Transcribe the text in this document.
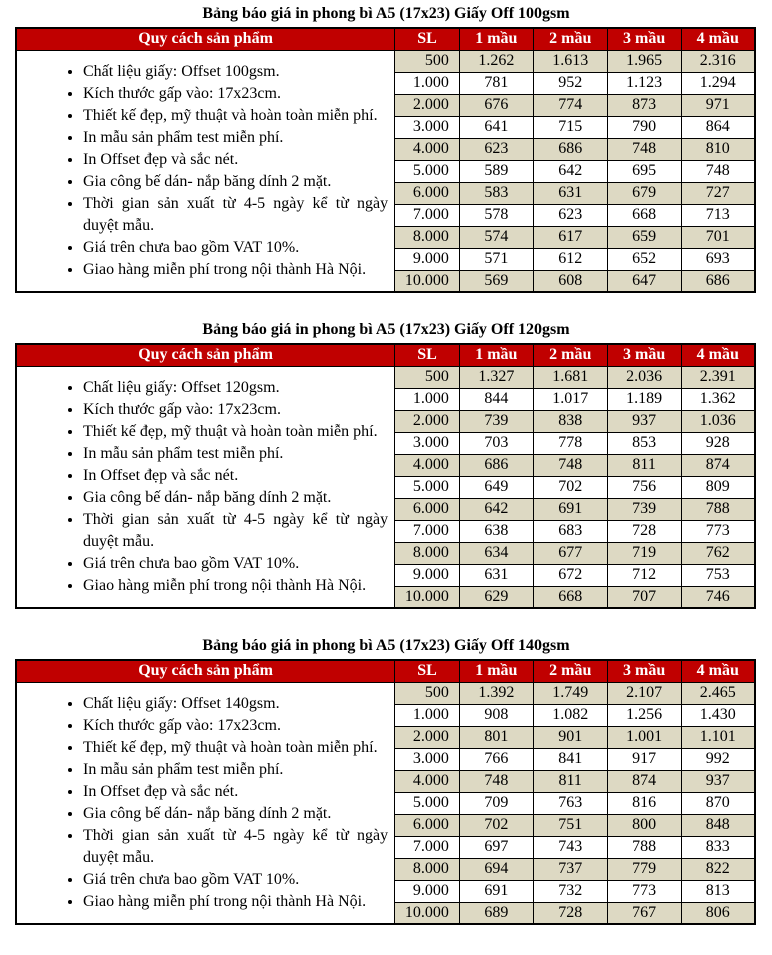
Bảng báo giá in phong bì A5 (17x23) Giấy Off 100gsm
Quy cách sản phẩm	SL	1 mầu	2 mầu	3 mầu	4 mầu

• Chất liệu giấy: Offset 100gsm.
• Kích thước gấp vào: 17x23cm.
• Thiết kế đẹp, mỹ thuật và hoàn toàn miễn phí.
• In mẫu sản phẩm test miễn phí.
• In Offset đẹp và sắc nét.
• Gia công bế dán- nắp băng dính 2 mặt.
• Thời gian sản xuất từ 4-5 ngày kể từ ngày duyệt mẫu.
• Giá trên chưa bao gồm VAT 10%.
• Giao hàng miễn phí trong nội thành Hà Nội.
	500	1.262	1.613	1.965	2.316
	1.000	781	952	1.123	1.294
	2.000	676	774	873	971
	3.000	641	715	790	864
	4.000	623	686	748	810
	5.000	589	642	695	748
	6.000	583	631	679	727
	7.000	578	623	668	713
	8.000	574	617	659	701
	9.000	571	612	652	693
	10.000	569	608	647	686
Bảng báo giá in phong bì A5 (17x23) Giấy Off 120gsm
Quy cách sản phẩm	SL	1 mầu	2 mầu	3 mầu	4 mầu

• Chất liệu giấy: Offset 120gsm.
• Kích thước gấp vào: 17x23cm.
• Thiết kế đẹp, mỹ thuật và hoàn toàn miễn phí.
• In mẫu sản phẩm test miễn phí.
• In Offset đẹp và sắc nét.
• Gia công bế dán- nắp băng dính 2 mặt.
• Thời gian sản xuất từ 4-5 ngày kể từ ngày duyệt mẫu.
• Giá trên chưa bao gồm VAT 10%.
• Giao hàng miễn phí trong nội thành Hà Nội.
	500	1.327	1.681	2.036	2.391
	1.000	844	1.017	1.189	1.362
	2.000	739	838	937	1.036
	3.000	703	778	853	928
	4.000	686	748	811	874
	5.000	649	702	756	809
	6.000	642	691	739	788
	7.000	638	683	728	773
	8.000	634	677	719	762
	9.000	631	672	712	753
	10.000	629	668	707	746
Bảng báo giá in phong bì A5 (17x23) Giấy Off 140gsm
Quy cách sản phẩm	SL	1 mầu	2 mầu	3 mầu	4 mầu

• Chất liệu giấy: Offset 140gsm.
• Kích thước gấp vào: 17x23cm.
• Thiết kế đẹp, mỹ thuật và hoàn toàn miễn phí.
• In mẫu sản phẩm test miễn phí.
• In Offset đẹp và sắc nét.
• Gia công bế dán- nắp băng dính 2 mặt.
• Thời gian sản xuất từ 4-5 ngày kể từ ngày duyệt mẫu.
• Giá trên chưa bao gồm VAT 10%.
• Giao hàng miễn phí trong nội thành Hà Nội.
	500	1.392	1.749	2.107	2.465
	1.000	908	1.082	1.256	1.430
	2.000	801	901	1.001	1.101
	3.000	766	841	917	992
	4.000	748	811	874	937
	5.000	709	763	816	870
	6.000	702	751	800	848
	7.000	697	743	788	833
	8.000	694	737	779	822
	9.000	691	732	773	813
	10.000	689	728	767	806
